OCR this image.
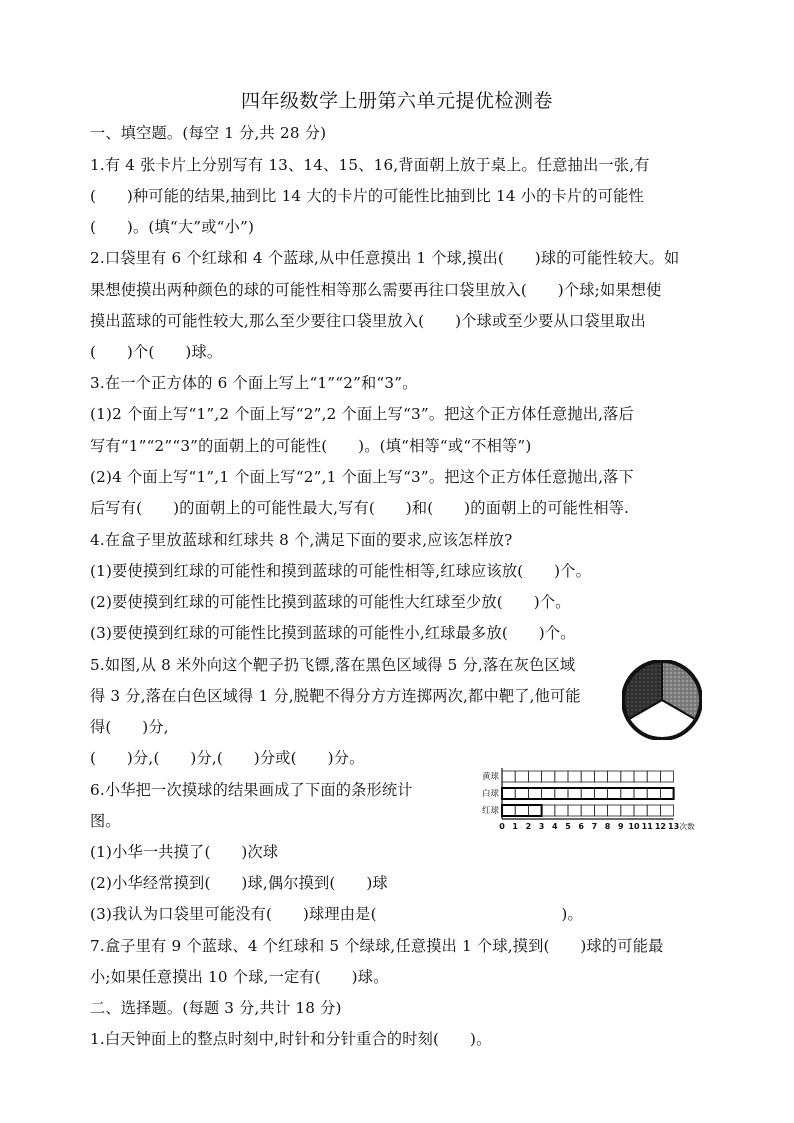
四年级数学上册第六单元提优检测卷
一、填空题。(每空 1 分,共 28 分)
1.有 4 张卡片上分别写有 13、14、15、16,背面朝上放于桌上。任意抽出一张,有
(　　)种可能的结果,抽到比 14 大的卡片的可能性比抽到比 14 小的卡片的可能性
(　　)。(填“大”或“小”)
2.口袋里有 6 个红球和 4 个蓝球,从中任意摸出 1 个球,摸出(　　)球的可能性较大。如
果想使摸出两种颜色的球的可能性相等那么需要再往口袋里放入(　　)个球;如果想使
摸出蓝球的可能性较大,那么至少要往口袋里放入(　　)个球或至少要从口袋里取出
(　　)个(　　)球。
3.在一个正方体的 6 个面上写上“1”“2”和“3”。
(1)2 个面上写“1”,2 个面上写“2”,2 个面上写“3”。把这个正方体任意抛出,落后
写有“1”“2”“3”的面朝上的可能性(　　)。(填“相等“或“不相等”)
(2)4 个面上写“1”,1 个面上写“2”,1 个面上写“3”。把这个正方体任意抛出,落下
后写有(　　)的面朝上的可能性最大,写有(　　)和(　　)的面朝上的可能性相等.
4.在盒子里放蓝球和红球共 8 个,满足下面的要求,应该怎样放?
(1)要使摸到红球的可能性和摸到蓝球的可能性相等,红球应该放(　　)个。
(2)要使摸到红球的可能性比摸到蓝球的可能性大红球至少放(　　)个。
(3)要使摸到红球的可能性比摸到蓝球的可能性小,红球最多放(　　)个。
5.如图,从 8 米外向这个靶子扔飞镖,落在黑色区域得 5 分,落在灰色区域
得 3 分,落在白色区域得 1 分,脱靶不得分方方连掷两次,都中靶了,他可能
得(　　)分,
(　　)分,(　　)分,(　　)分或(　　)分。
6.小华把一次摸球的结果画成了下面的条形统计
图。
(1)小华一共摸了(　　)次球
(2)小华经常摸到(　　)球,偶尔摸到(　　)球
(3)我认为口袋里可能没有(　　)球理由是(　　　　　　　　　　　　)。
7.盒子里有 9 个蓝球、4 个红球和 5 个绿球,任意摸出 1 个球,摸到(　　)球的可能最
小;如果任意摸出 10 个球,一定有(　　)球。
二、选择题。(每题 3 分,共计 18 分)
1.白天钟面上的整点时刻中,时针和分针重合的时刻(　　)。
黄球
白球
红球
0 1 2 3 4 5 6 7 8 9 10 11 12 13 次数
